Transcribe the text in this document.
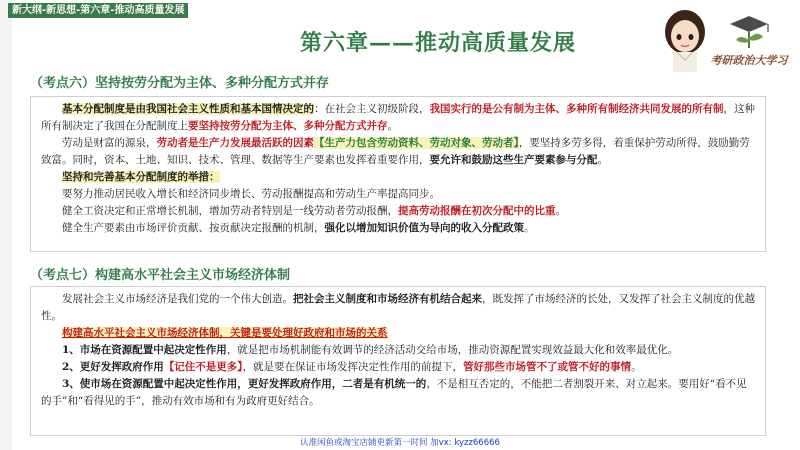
新大纲-新思想-第六章-推动高质量发展
第六章——推动高质量发展
考研政治大学习
（考点六）坚持按劳分配为主体、多种分配方式并存

基本分配制度是由我国社会主义性质和基本国情决定的：在社会主义初级阶段，我国实行的是公有制为主体、多种所有制经济共同发展的所有制，这种所有制决定了我国在分配制度上要坚持按劳分配为主体、多种分配方式并存。

劳动是财富的源泉，劳动者是生产力发展最活跃的因素【生产力包含劳动资料、劳动对象、劳动者】，要坚持多劳多得，着重保护劳动所得，鼓励勤劳致富。同时，资本、土地、知识、技术、管理、数据等生产要素也发挥着重要作用，要允许和鼓励这些生产要素参与分配。

坚持和完善基本分配制度的举措：

要努力推动居民收入增长和经济同步增长、劳动报酬提高和劳动生产率提高同步。

健全工资决定和正常增长机制，增加劳动者特别是一线劳动者劳动报酬，提高劳动报酬在初次分配中的比重。

健全生产要素由市场评价贡献、按贡献决定报酬的机制，强化以增加知识价值为导向的收入分配政策。

（考点七）构建高水平社会主义市场经济体制

发展社会主义市场经济是我们党的一个伟大创造。把社会主义制度和市场经济有机结合起来，既发挥了市场经济的长处，又发挥了社会主义制度的优越性。

构建高水平社会主义市场经济体制，关键是要处理好政府和市场的关系

1、市场在资源配置中起决定性作用，就是把市场机制能有效调节的经济活动交给市场，推动资源配置实现效益最大化和效率最优化。

2、更好发挥政府作用【记住不是更多】，就是要在保证市场发挥决定性作用的前提下，管好那些市场管不了或管不好的事情。

3、使市场在资源配置中起决定性作用，更好发挥政府作用，二者是有机统一的，不是相互否定的，不能把二者割裂开来、对立起来。要用好“看不见的手”和“看得见的手”，推动有效市场和有为政府更好结合。

认准闲鱼或淘宝店铺更新第一时间 加vx: kyzz66666
